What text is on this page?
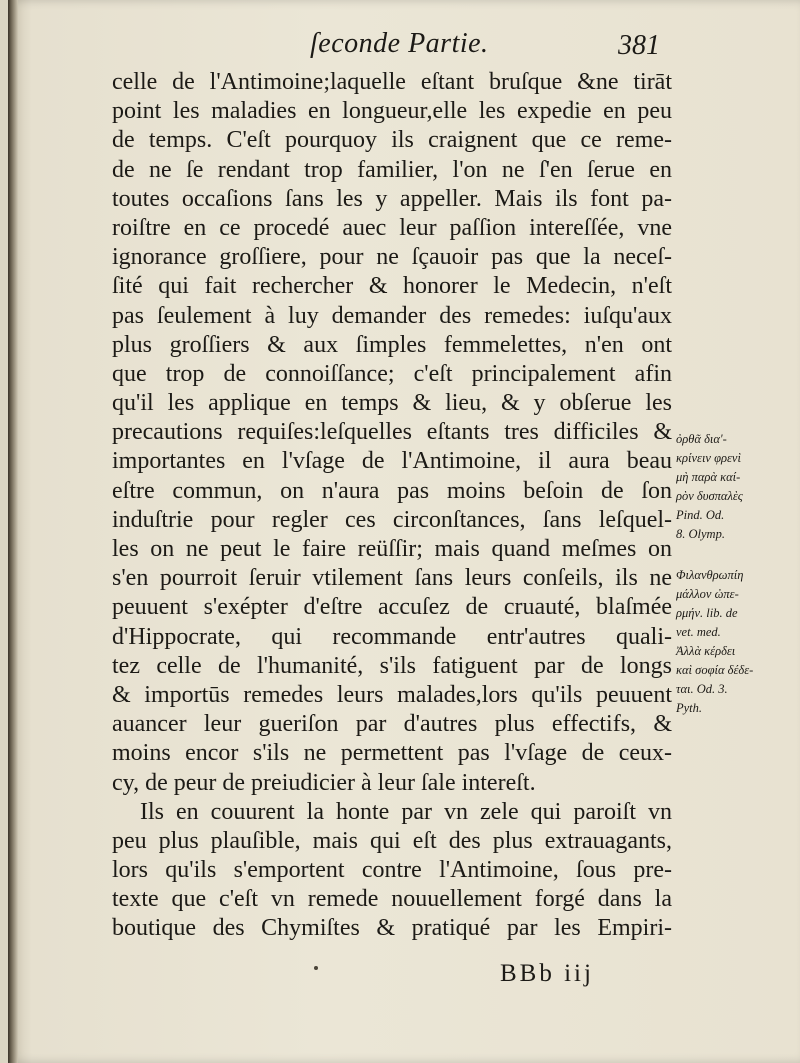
ſeconde Partie.	381
celle de l'Antimoine;laquelle eſtant bruſque &ne tirāt
point les maladies en longueur,elle les expedie en peu
de temps. C'eſt pourquoy ils craignent que ce reme-
de ne ſe rendant trop familier, l'on ne ſ'en ſerue en
toutes occaſions ſans les y appeller. Mais ils font pa-
roiſtre en ce procedé auec leur paſſion intereſſée, vne
ignorance groſſiere, pour ne ſçauoir pas que la neceſ-
ſité qui fait rechercher & honorer le Medecin, n'eſt
pas ſeulement à luy demander des remedes: iuſqu'aux
plus groſſiers & aux ſimples femmelettes, n'en ont
que trop de connoiſſance; c'eſt principalement afin
qu'il les applique en temps & lieu, & y obſerue les
precautions requiſes:leſquelles eſtants tres difficiles &
importantes en l'vſage de l'Antimoine, il aura beau
eſtre commun, on n'aura pas moins beſoin de ſon
induſtrie pour regler ces circonſtances, ſans leſquel-
les on ne peut le faire reüſſir; mais quand meſmes on
s'en pourroit ſeruir vtilement ſans leurs conſeils, ils ne
peuuent s'exépter d'eſtre accuſez de cruauté, blaſmée
d'Hippocrate, qui recommande entr'autres quali-
tez celle de l'humanité, s'ils fatiguent par de longs
& importūs remedes leurs malades,lors qu'ils peuuent
auancer leur gueriſon par d'autres plus effectifs, &
moins encor s'ils ne permettent pas l'vſage de ceux-
cy, de peur de preiudicier à leur ſale intereſt.
Ils en couurent la honte par vn zele qui paroiſt vn
peu plus plauſible, mais qui eſt des plus extrauagants,
lors qu'ils s'emportent contre l'Antimoine, ſous pre-
texte que c'eſt vn remede nouuellement forgé dans la
boutique des Chymiſtes & pratiqué par les Empiri-
ὀρθᾶ διαʹ-
κρίνειν φρενὶ
μὴ παρὰ καί-
ρὸν δυσπαλὲς
Pind. Od.
8. Olymp.
Φιλανθρωπίη
μάλλον ὠπε-
ρμήν. lib. de
vet. med.
Ἀλλὰ κέρδει
καὶ σοφία δέδε-
ται. Od. 3.
Pyth.
BBb iij
